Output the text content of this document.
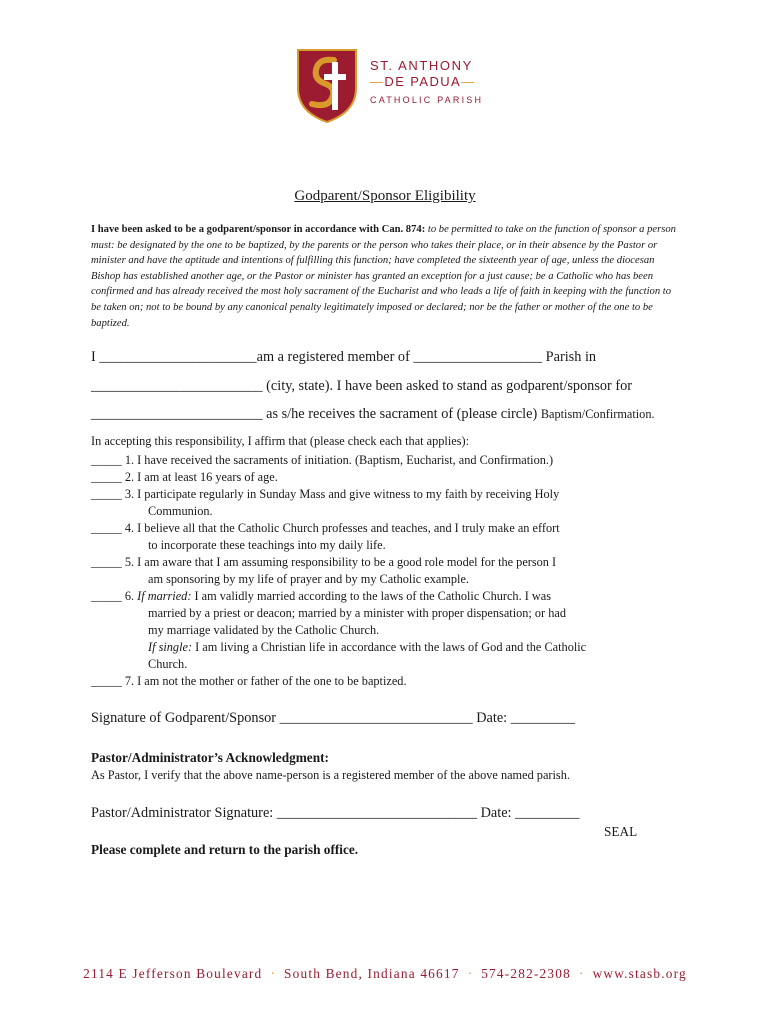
ST. ANTHONY
—DE PADUA—
CATHOLIC PARISH
Godparent/Sponsor Eligibility
I have been asked to be a godparent/sponsor in accordance with Can. 874: to be permitted to take on the function of sponsor a person must: be designated by the one to be baptized, by the parents or the person who takes their place, or in their absence by the Pastor or minister and have the aptitude and intentions of fulfilling this function; have completed the sixteenth year of age, unless the diocesan Bishop has established another age, or the Pastor or minister has granted an exception for a just cause; be a Catholic who has been confirmed and has already received the most holy sacrament of the Eucharist and who leads a life of faith in keeping with the function to be taken on; not to be bound by any canonical penalty legitimately imposed or declared; nor be the father or mother of the one to be baptized.
I ______________________am a registered member of __________________ Parish in
________________________ (city, state). I have been asked to stand as godparent/sponsor for
________________________ as s/he receives the sacrament of (please circle) Baptism/Confirmation.
In accepting this responsibility, I affirm that (please check each that applies):
_____ 1. I have received the sacraments of initiation. (Baptism, Eucharist, and Confirmation.)
_____ 2. I am at least 16 years of age.
_____ 3. I participate regularly in Sunday Mass and give witness to my faith by receiving Holy
Communion.
_____ 4. I believe all that the Catholic Church professes and teaches, and I truly make an effort
to incorporate these teachings into my daily life.
_____ 5. I am aware that I am assuming responsibility to be a good role model for the person I
am sponsoring by my life of prayer and by my Catholic example.
_____ 6. If married: I am validly married according to the laws of the Catholic Church. I was
married by a priest or deacon; married by a minister with proper dispensation; or had
my marriage validated by the Catholic Church.
If single: I am living a Christian life in accordance with the laws of God and the Catholic
Church.
_____ 7. I am not the mother or father of the one to be baptized.
Signature of Godparent/Sponsor ___________________________ Date: _________
Pastor/Administrator’s Acknowledgment:
As Pastor, I verify that the above name-person is a registered member of the above named parish.
Pastor/Administrator Signature: ____________________________ Date: _________
SEAL
Please complete and return to the parish office.
2114 E Jefferson Boulevard · South Bend, Indiana 46617 · 574-282-2308 · www.stasb.org
